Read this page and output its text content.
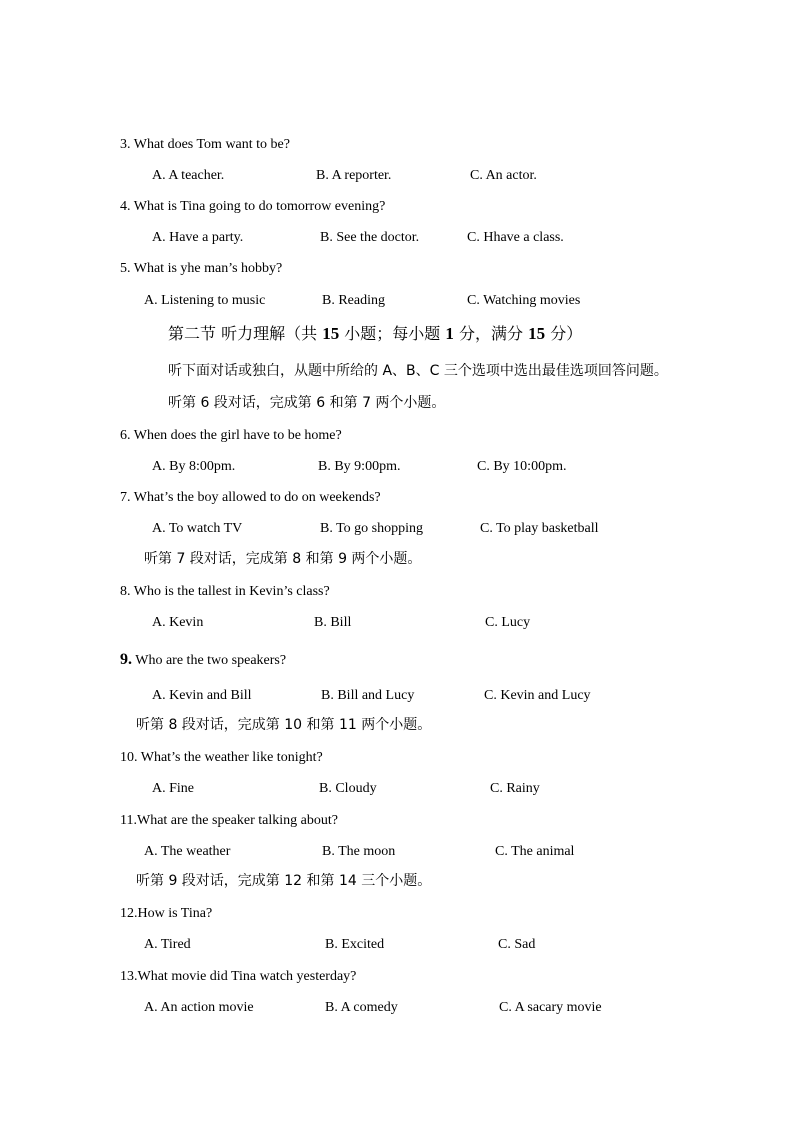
3. What does Tom want to be?
A. A teacher.	B. A reporter.	C. An actor.
4. What is Tina going to do tomorrow evening?
A. Have a party.	B. See the doctor.	C. Hhave a class.
5. What is yhe man’s hobby?
A. Listening to music	B. Reading	C. Watching movies
第二节 听力理解（共 15 小题；每小题 1 分，满分 15 分）
听下面对话或独白，从题中所给的 A、B、C 三个选项中选出最佳选项回答问题。
听第 6 段对话，完成第 6 和第 7 两个小题。
6. When does the girl have to be home?
A. By 8:00pm.	B. By 9:00pm.	C. By 10:00pm.
7. What’s the boy allowed to do on weekends?
A. To watch TV	B. To go shopping	C. To play basketball
听第 7 段对话，完成第 8 和第 9 两个小题。
8. Who is the tallest in Kevin’s class?
A. Kevin	B. Bill	C. Lucy
9. Who are the two speakers?
A. Kevin and Bill	B. Bill and Lucy	C. Kevin and Lucy
听第 8 段对话，完成第 10 和第 11 两个小题。
10. What’s the weather like tonight?
A. Fine	B. Cloudy	C. Rainy
11.What are the speaker talking about?
A. The weather	B. The moon	C. The animal
听第 9 段对话，完成第 12 和第 14 三个小题。
12.How is Tina?
A. Tired	B. Excited	C. Sad
13.What movie did Tina watch yesterday?
A. An action movie	B. A comedy	C. A sacary movie
